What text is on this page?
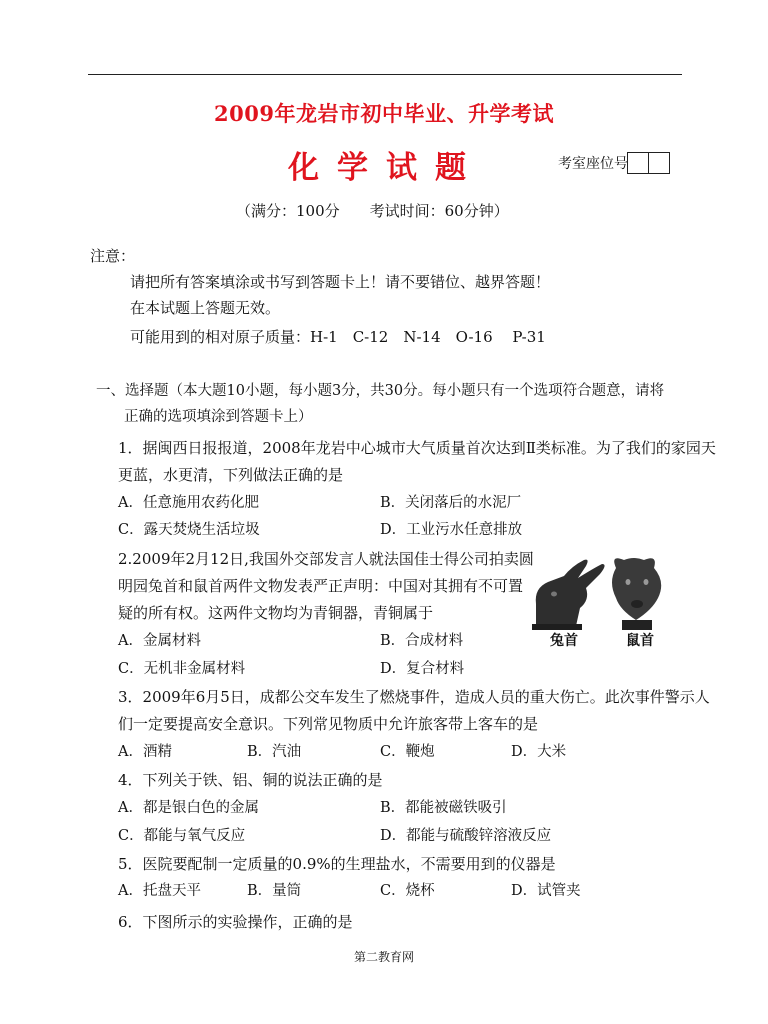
2009年龙岩市初中毕业、升学考试
化学试题	考室座位号
（满分：100分　　考试时间：60分钟）
注意：
请把所有答案填涂或书写到答题卡上！请不要错位、越界答题！
在本试题上答题无效。
可能用到的相对原子质量：H-1　C-12　N-14　O-16　 P-31
一、选择题（本大题10小题，每小题3分，共30分。每小题只有一个选项符合题意，请将
正确的选项填涂到答题卡上）
1．据闽西日报报道，2008年龙岩中心城市大气质量首次达到Ⅱ类标准。为了我们的家园天
更蓝，水更清，下列做法正确的是
A．任意施用农药化肥	B．关闭落后的水泥厂
C．露天焚烧生活垃圾	D．工业污水任意排放
2.2009年2月12日,我国外交部发言人就法国佳士得公司拍卖圆
明园兔首和鼠首两件文物发表严正声明：中国对其拥有不可置
疑的所有权。这两件文物均为青铜器，青铜属于
A．金属材料	B．合成材料
C．无机非金属材料	D．复合材料
兔首	鼠首
3．2009年6月5日，成都公交车发生了燃烧事件，造成人员的重大伤亡。此次事件警示人
们一定要提高安全意识。下列常见物质中允许旅客带上客车的是
A．酒精	B．汽油	C．鞭炮	D．大米
4．下列关于铁、铝、铜的说法正确的是
A．都是银白色的金属	B．都能被磁铁吸引
C．都能与氧气反应	D．都能与硫酸锌溶液反应
5．医院要配制一定质量的0.9%的生理盐水，不需要用到的仪器是
A．托盘天平	B．量筒	C．烧杯	D．试管夹
6．下图所示的实验操作，正确的是
第二教育网
